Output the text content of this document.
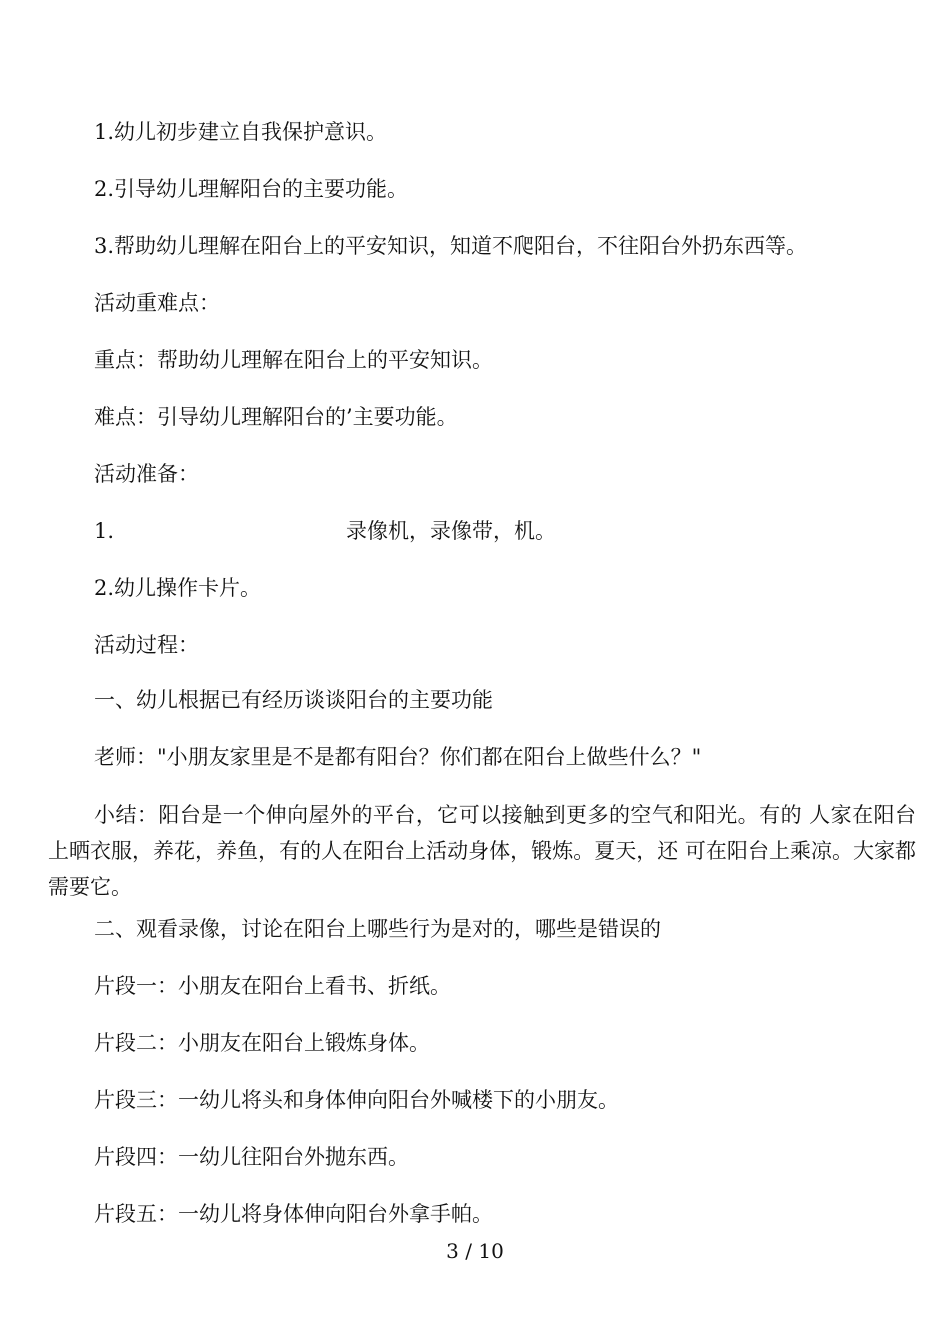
1.幼儿初步建立自我保护意识。
2.引导幼儿理解阳台的主要功能。
3.帮助幼儿理解在阳台上的平安知识，知道不爬阳台，不往阳台外扔东西等。
活动重难点：
重点：帮助幼儿理解在阳台上的平安知识。
难点：引导幼儿理解阳台的’主要功能。
活动准备：
1.	录像机，录像带，机。
2.幼儿操作卡片。
活动过程：
一、幼儿根据已有经历谈谈阳台的主要功能
老师："小朋友家里是不是都有阳台？你们都在阳台上做些什么？"
小结：阳台是一个伸向屋外的平台，它可以接触到更多的空气和阳光。有的 人家在阳台上晒衣服，养花，养鱼，有的人在阳台上活动身体，锻炼。夏天，还 可在阳台上乘凉。大家都需要它。
二、观看录像，讨论在阳台上哪些行为是对的，哪些是错误的
片段一：小朋友在阳台上看书、折纸。
片段二：小朋友在阳台上锻炼身体。
片段三：一幼儿将头和身体伸向阳台外喊楼下的小朋友。
片段四：一幼儿往阳台外抛东西。
片段五：一幼儿将身体伸向阳台外拿手帕。
3 / 10
